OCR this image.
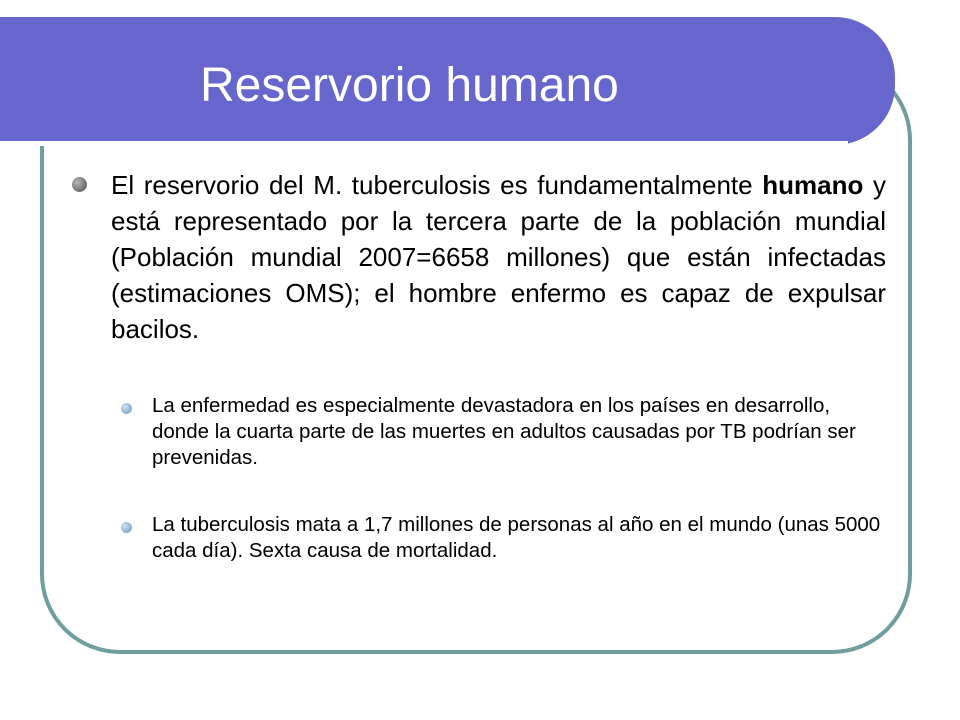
Reservorio humano

El reservorio del M. tuberculosis es fundamentalmente humano y está representado por la tercera parte de la población mundial (Población mundial 2007=6658 millones) que están infectadas (estimaciones OMS); el hombre enfermo es capaz de expulsar bacilos.

La enfermedad es especialmente devastadora en los países en desarrollo, donde la cuarta parte de las muertes en adultos causadas por TB podrían ser prevenidas.

La tuberculosis mata a 1,7 millones de personas al año en el mundo (unas 5000 cada día). Sexta causa de mortalidad.
